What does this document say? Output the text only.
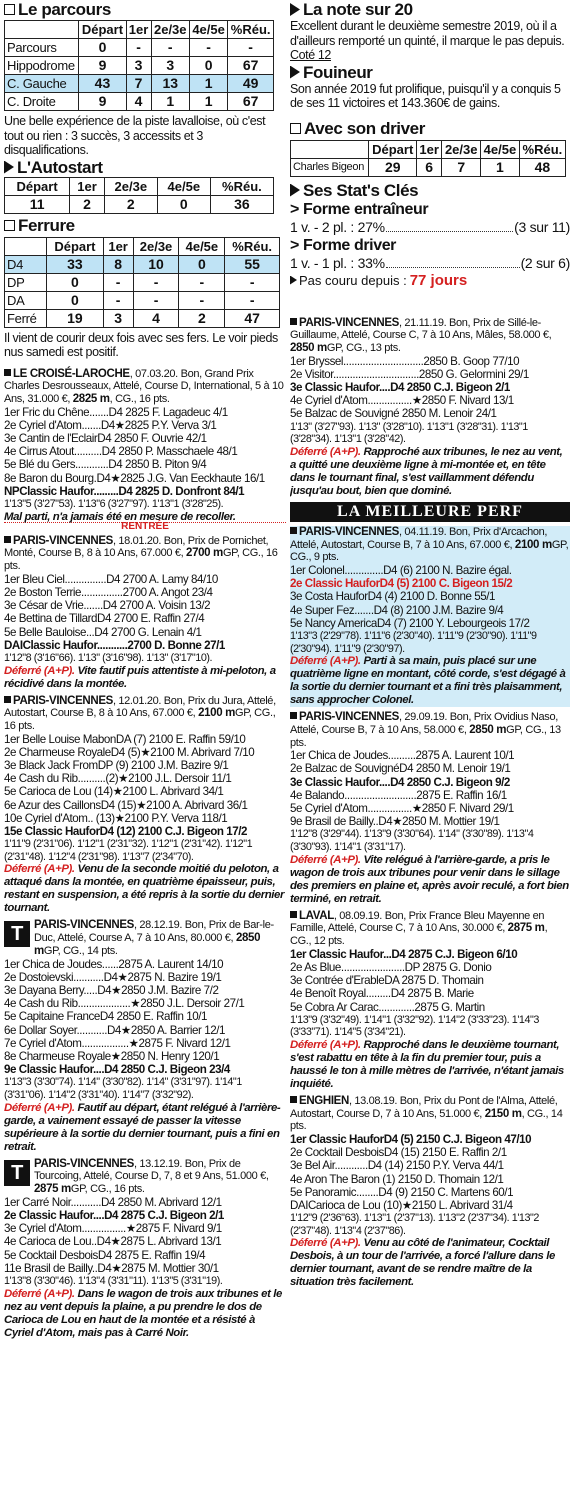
Le parcours
	Départ	1er	2e/3e	4e/5e	%Réu.
Parcours	0	-	-	-	-
Hippodrome	9	3	3	0	67
C. Gauche	43	7	13	1	49
C. Droite	9	4	1	1	67
Une belle expérience de la piste lavalloise, où c'est tout ou rien : 3 succès, 3 accessits et 3 disqualifications.
L'Autostart
Départ	1er	2e/3e	4e/5e	%Réu.
11	2	2	0	36
Ferrure
	Départ	1er	2e/3e	4e/5e	%Réu.
D4	33	8	10	0	55
DP	0	-	-	-	-
DA	0	-	-	-	-
Ferré	19	3	4	2	47
Il vient de courir deux fois avec ses fers. Le voir pieds nus samedi est positif.
LE CROISÉ-LAROCHE, 07.03.20. Bon, Grand Prix Charles Desrousseaux, Attelé, Course D, International, 5 à 10 Ans, 31.000 €, 2825 m, CG., 16 pts.
1er Fric du Chêne.......D4 2825 F. Lagadeuc 4/1
2e Cyriel d'Atom.......D4★2825 P.Y. Verva 3/1
3e Cantin de l'EclairD4 2850 F. Ouvrie 42/1
4e Cirrus Atout..........D4 2850 P. Masschaele 48/1
5e Blé du Gers............D4 2850 B. Piton 9/4
8e Baron du Bourg.D4★2825 J.G. Van Eeckhaute 16/1
NPClassic Haufor.........D4 2825 D. Donfront 84/1
1'13"5 (3'27"53). 1'13"6 (3'27"97). 1'13"1 (3'28"25).
Mal parti, n'a jamais été en mesure de recoller.
RENTRÉE
PARIS-VINCENNES, 18.01.20. Bon, Prix de Pornichet, Monté, Course B, 8 à 10 Ans, 67.000 €, 2700 mGP, CG., 16 pts.
1er Bleu Ciel...............D4 2700 A. Lamy 84/10
2e Boston Terrie...............2700 A. Angot 23/4
3e César de Vrie.......D4 2700 A. Voisin 13/2
4e Bettina de TillardD4 2700 E. Raffin 27/4
5e Belle Bauloise...D4 2700 G. Lenain 4/1
DAIClassic Haufor...........2700 D. Bonne 27/1
1'12"8 (3'16"66). 1'13" (3'16"98). 1'13" (3'17"10).
Déferré (A+P). Vite fautif puis attentiste à mi-peloton, a récidivé dans la montée.
PARIS-VINCENNES, 12.01.20. Bon, Prix du Jura, Attelé, Autostart, Course B, 8 à 10 Ans, 67.000 €, 2100 mGP, CG., 16 pts.
1er Belle Louise MabonDA (7) 2100 E. Raffin 59/10
2e Charmeuse RoyaleD4 (5)★2100 M. Abrivard 7/10
3e Black Jack FromDP (9) 2100 J.M. Bazire 9/1
4e Cash du Rib..........(2)★2100 J.L. Dersoir 11/1
5e Carioca de Lou (14)★2100 L. Abrivard 34/1
6e Azur des CaillonsD4 (15)★2100 A. Abrivard 36/1
10e Cyriel d'Atom.. (13)★2100 P.Y. Verva 118/1
15e Classic HauforD4 (12) 2100 C.J. Bigeon 17/2
1'11"9 (2'31"06). 1'12"1 (2'31"32). 1'12"1 (2'31"42). 1'12"1 (2'31"48). 1'12"4 (2'31"98). 1'13"7 (2'34"70).
Déferré (A+P). Venu de la seconde moitié du peloton, a attaqué dans la montée, en quatrième épaisseur, puis, restant en suspension, a été repris à la sortie du dernier tournant.
T PARIS-VINCENNES, 28.12.19. Bon, Prix de Bar-le-Duc, Attelé, Course A, 7 à 10 Ans, 80.000 €, 2850 mGP, CG., 14 pts.
1er Chica de Joudes......2875 A. Laurent 14/10
2e Dostoievski...........D4★2875 N. Bazire 19/1
3e Dayana Berry.....D4★2850 J.M. Bazire 7/2
4e Cash du Rib...................★2850 J.L. Dersoir 27/1
5e Capitaine FranceD4 2850 E. Raffin 10/1
6e Dollar Soyer...........D4★2850 A. Barrier 12/1
7e Cyriel d'Atom.................★2875 F. Nivard 12/1
8e Charmeuse Royale★2850 N. Henry 120/1
9e Classic Haufor....D4 2850 C.J. Bigeon 23/4
1'13"3 (3'30"74). 1'14" (3'30"82). 1'14" (3'31"97). 1'14"1 (3'31"06). 1'14"2 (3'31"40). 1'14"7 (3'32"92).
Déferré (A+P). Fautif au départ, étant relégué à l'arrière-garde, a vainement essayé de passer la vitesse supérieure à la sortie du dernier tournant, puis a fini en retrait.
T PARIS-VINCENNES, 13.12.19. Bon, Prix de Tourcoing, Attelé, Course D, 7, 8 et 9 Ans, 51.000 €, 2875 mGP, CG., 16 pts.
1er Carré Noir...........D4 2850 M. Abrivard 12/1
2e Classic Haufor....D4 2875 C.J. Bigeon 2/1
3e Cyriel d'Atom................★2875 F. Nivard 9/1
4e Carioca de Lou..D4★2875 L. Abrivard 13/1
5e Cocktail DesboisD4 2875 E. Raffin 19/4
11e Brasil de Bailly..D4★2875 M. Mottier 30/1
1'13"8 (3'30"46). 1'13"4 (3'31"11). 1'13"5 (3'31"19).
Déferré (A+P). Dans le wagon de trois aux tribunes et le nez au vent depuis la plaine, a pu prendre le dos de Carioca de Lou en haut de la montée et a résisté à Cyriel d'Atom, mais pas à Carré Noir.
La note sur 20
Excellent durant le deuxième semestre 2019, où il a d'ailleurs remporté un quinté, il marque le pas depuis. Coté 12
Fouineur
Son année 2019 fut prolifique, puisqu'il y a conquis 5 de ses 11 victoires et 143.360€ de gains.
Avec son driver
	Départ	1er	2e/3e	4e/5e	%Réu.
Charles Bigeon	29	6	7	1	48
Ses Stat's Clés
> Forme entraîneur
1 v. - 2 pl. : 27%	(3 sur 11)
> Forme driver
1 v. - 1 pl. : 33%	(2 sur 6)
Pas couru depuis : 77 jours
PARIS-VINCENNES, 21.11.19. Bon, Prix de Sillé-le-Guillaume, Attelé, Course C, 7 à 10 Ans, Mâles, 58.000 €, 2850 mGP, CG., 13 pts.
1er Bryssel.............................2850 B. Goop 77/10
2e Visitor...............................2850 G. Gelormini 29/1
3e Classic Haufor....D4 2850 C.J. Bigeon 2/1
4e Cyriel d'Atom................★2850 F. Nivard 13/1
5e Balzac de Souvigné 2850 M. Lenoir 24/1
1'13" (3'27"93). 1'13" (3'28"10). 1'13"1 (3'28"31). 1'13"1 (3'28"34). 1'13"1 (3'28"42).
Déferré (A+P). Rapproché aux tribunes, le nez au vent, a quitté une deuxième ligne à mi-montée et, en tête dans le tournant final, s'est vaillamment défendu jusqu'au bout, bien que dominé.
LA MEILLEURE PERF
PARIS-VINCENNES, 04.11.19. Bon, Prix d'Arcachon, Attelé, Autostart, Course B, 7 à 10 Ans, 67.000 €, 2100 mGP, CG., 9 pts.
1er Colonel..............D4 (6) 2100 N. Bazire égal.
2e Classic HauforD4 (5) 2100 C. Bigeon 15/2
3e Costa HauforD4 (4) 2100 D. Bonne 55/1
4e Super Fez.......D4 (8) 2100 J.M. Bazire 9/4
5e Nancy AmericaD4 (7) 2100 Y. Lebourgeois 17/2
1'13"3 (2'29"78). 1'11"6 (2'30"40). 1'11"9 (2'30"90). 1'11"9 (2'30"94). 1'11"9 (2'30"97).
Déferré (A+P). Parti à sa main, puis placé sur une quatrième ligne en montant, côté corde, s'est dégagé à la sortie du dernier tournant et a fini très plaisamment, sans approcher Colonel.
PARIS-VINCENNES, 29.09.19. Bon, Prix Ovidius Naso, Attelé, Course B, 7 à 10 Ans, 58.000 €, 2850 mGP, CG., 13 pts.
1er Chica de Joudes..........2875 A. Laurent 10/1
2e Balzac de SouvignéD4 2850 M. Lenoir 19/1
3e Classic Haufor....D4 2850 C.J. Bigeon 9/2
4e Balando..........................2875 E. Raffin 16/1
5e Cyriel d'Atom................★2850 F. Nivard 29/1
9e Brasil de Bailly..D4★2850 M. Mottier 19/1
1'12"8 (3'29"44). 1'13"9 (3'30"64). 1'14" (3'30"89). 1'13"4 (3'30"93). 1'14"1 (3'31"17).
Déferré (A+P). Vite relégué à l'arrière-garde, a pris le wagon de trois aux tribunes pour venir dans le sillage des premiers en plaine et, après avoir reculé, a fort bien terminé, en retrait.
LAVAL, 08.09.19. Bon, Prix France Bleu Mayenne en Famille, Attelé, Course C, 7 à 10 Ans, 30.000 €, 2875 m, CG., 12 pts.
1er Classic Haufor...D4 2875 C.J. Bigeon 6/10
2e As Blue.......................DP 2875 G. Donio
3e Contrée d'ErableDA 2875 D. Thomain
4e Benoît Royal.........D4 2875 B. Marie
5e Cobra Ar Carac.............2875 G. Martin
1'13"9 (3'32"49). 1'14"1 (3'32"92). 1'14"2 (3'33"23). 1'14"3 (3'33"71). 1'14"5 (3'34"21).
Déferré (A+P). Rapproché dans le deuxième tournant, s'est rabattu en tête à la fin du premier tour, puis a haussé le ton à mille mètres de l'arrivée, n'étant jamais inquiété.
ENGHIEN, 13.08.19. Bon, Prix du Pont de l'Alma, Attelé, Autostart, Course D, 7 à 10 Ans, 51.000 €, 2150 m, CG., 14 pts.
1er Classic HauforD4 (5) 2150 C.J. Bigeon 47/10
2e Cocktail DesboisD4 (15) 2150 E. Raffin 2/1
3e Bel Air............D4 (14) 2150 P.Y. Verva 44/1
4e Aron The Baron (1) 2150 D. Thomain 12/1
5e Panoramic........D4 (9) 2150 C. Martens 60/1
DAICarioca de Lou (10)★2150 L. Abrivard 31/4
1'12"9 (2'36"63). 1'13"1 (2'37"13). 1'13"2 (2'37"34). 1'13"2 (2'37"48). 1'13"4 (2'37"86).
Déferré (A+P). Venu au côté de l'animateur, Cocktail Desbois, à un tour de l'arrivée, a forcé l'allure dans le dernier tournant, avant de se rendre maître de la situation très facilement.
